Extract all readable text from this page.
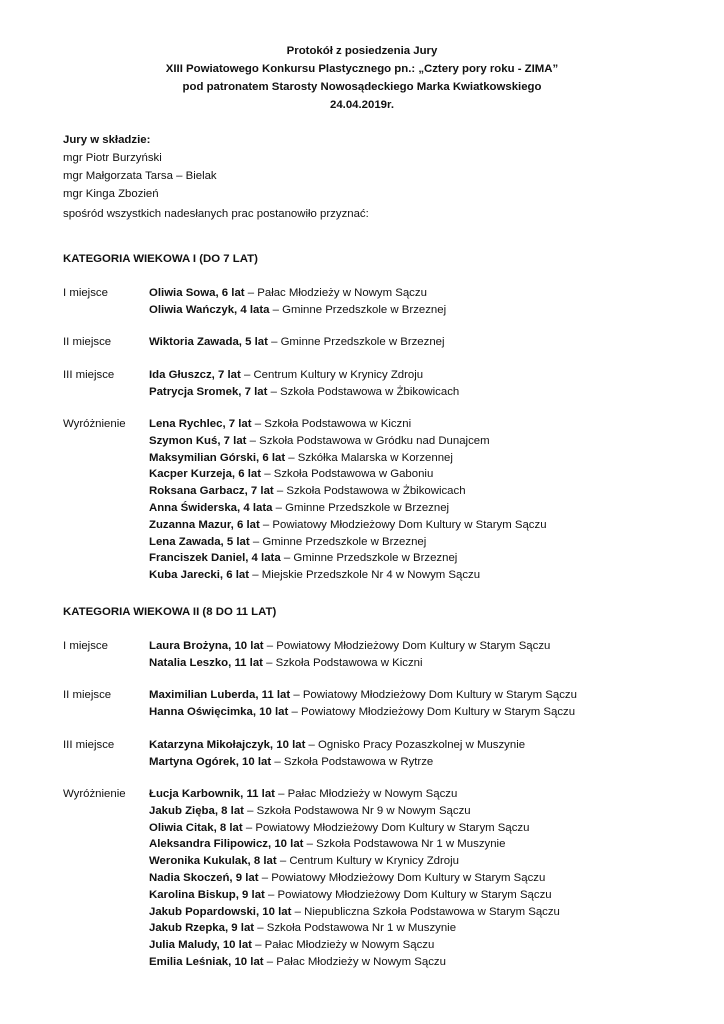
Protokół z posiedzenia Jury
XIII Powiatowego Konkursu Plastycznego pn.: „Cztery pory roku - ZIMA”
pod patronatem Starosty Nowosądeckiego Marka Kwiatkowskiego
24.04.2019r.
Jury w składzie:
mgr Piotr Burzyński
mgr Małgorzata Tarsa – Bielak
mgr Kinga Zbozień
spośród wszystkich nadesłanych prac postanowiło przyznać:
KATEGORIA WIEKOWA I (DO 7 LAT)
I miejsce	Oliwia Sowa, 6 lat – Pałac Młodzieży w Nowym Sączu
Oliwia Wańczyk, 4 lata – Gminne Przedszkole w Brzeznej
II miejsce	Wiktoria Zawada, 5 lat – Gminne Przedszkole w Brzeznej
III miejsce	Ida Głuszcz, 7 lat – Centrum Kultury w Krynicy Zdroju
Patrycja Sromek, 7 lat – Szkoła Podstawowa w Żbikowicach
Wyróżnienie Lena Rychlec, 7 lat – Szkoła Podstawowa w Kiczni
Szymon Kuś, 7 lat – Szkoła Podstawowa w Gródku nad Dunajcem
Maksymilian Górski, 6 lat – Szkółka Malarska w Korzennej
Kacper Kurzeja, 6 lat – Szkoła Podstawowa w Gaboniu
Roksana Garbacz, 7 lat – Szkoła Podstawowa w Żbikowicach
Anna Świderska, 4 lata – Gminne Przedszkole w Brzeznej
Zuzanna Mazur, 6 lat – Powiatowy Młodzieżowy Dom Kultury w Starym Sączu
Lena Zawada, 5 lat – Gminne Przedszkole w Brzeznej
Franciszek Daniel, 4 lata – Gminne Przedszkole w Brzeznej
Kuba Jarecki, 6 lat – Miejskie Przedszkole Nr 4 w Nowym Sączu
KATEGORIA WIEKOWA II (8 DO 11 LAT)
I miejsce	Laura Brożyna, 10 lat – Powiatowy Młodzieżowy Dom Kultury w Starym Sączu
Natalia Leszko, 11 lat – Szkoła Podstawowa w Kiczni
II miejsce	Maximilian Luberda, 11 lat – Powiatowy Młodzieżowy Dom Kultury w Starym Sączu
Hanna Oświęcimka, 10 lat – Powiatowy Młodzieżowy Dom Kultury w Starym Sączu
III miejsce	Katarzyna Mikołajczyk, 10 lat – Ognisko Pracy Pozaszkolnej w Muszynie
Martyna Ogórek, 10 lat – Szkoła Podstawowa w Rytrze
Wyróżnienie Łucja Karbownik, 11 lat – Pałac Młodzieży w Nowym Sączu
Jakub Zięba, 8 lat – Szkoła Podstawowa Nr 9 w Nowym Sączu
Oliwia Citak, 8 lat – Powiatowy Młodzieżowy Dom Kultury w Starym Sączu
Aleksandra Filipowicz, 10 lat – Szkoła Podstawowa Nr 1 w Muszynie
Weronika Kukulak, 8 lat – Centrum Kultury w Krynicy Zdroju
Nadia Skoczeń, 9 lat – Powiatowy Młodzieżowy Dom Kultury w Starym Sączu
Karolina Biskup, 9 lat – Powiatowy Młodzieżowy Dom Kultury w Starym Sączu
Jakub Popardowski, 10 lat – Niepubliczna Szkoła Podstawowa w Starym Sączu
Jakub Rzepka, 9 lat – Szkoła Podstawowa Nr 1 w Muszynie
Julia Maludy, 10 lat – Pałac Młodzieży w Nowym Sączu
Emilia Leśniak, 10 lat – Pałac Młodzieży w Nowym Sączu
